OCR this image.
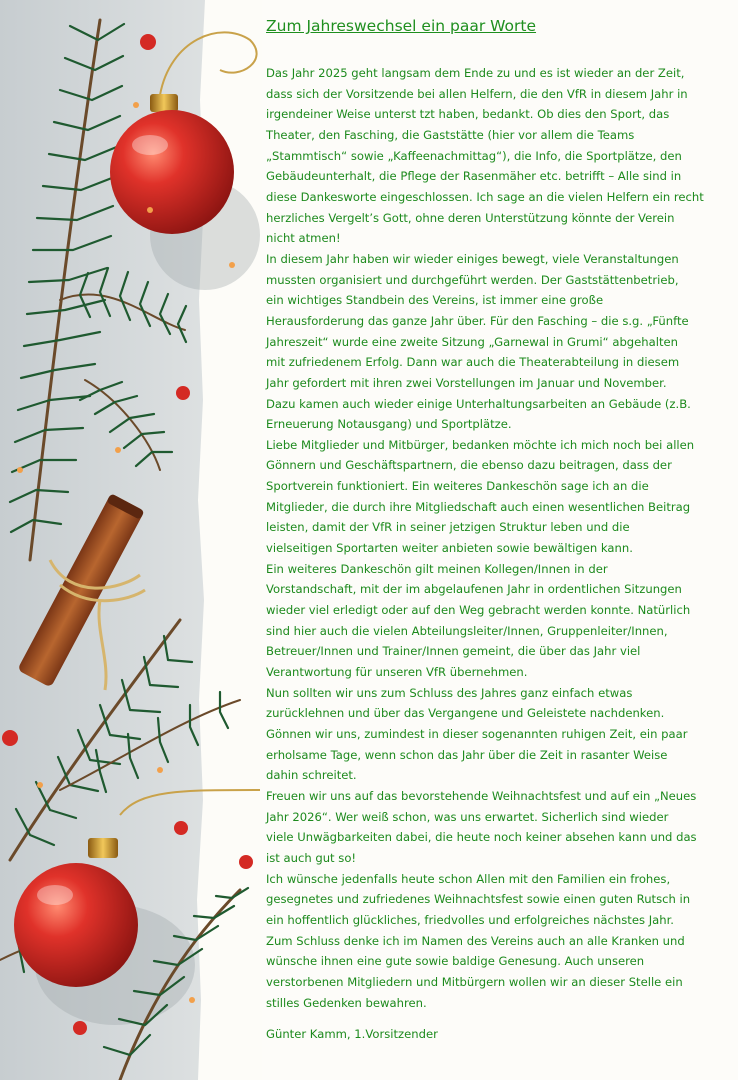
Zum Jahreswechsel ein paar Worte

Das Jahr 2025 geht langsam dem Ende zu und es ist wieder an der Zeit,

dass sich der Vorsitzende bei allen Helfern, die den VfR in diesem Jahr in

irgendeiner Weise unterst tzt haben, bedankt. Ob dies den Sport, das

Theater, den Fasching, die Gaststätte (hier vor allem die Teams

„Stammtisch“ sowie „Kaffeenachmittag“), die Info, die Sportplätze, den

Gebäudeunterhalt, die Pflege der Rasenmäher etc. betrifft – Alle sind in

diese Dankesworte eingeschlossen. Ich sage an die vielen Helfern ein recht

herzliches Vergelt’s Gott, ohne deren Unterstützung könnte der Verein

nicht atmen!

In diesem Jahr haben wir wieder einiges bewegt, viele Veranstaltungen

mussten organisiert und durchgeführt werden. Der Gaststättenbetrieb,

ein wichtiges Standbein des Vereins, ist immer eine große

Herausforderung das ganze Jahr über. Für den Fasching – die s.g. „Fünfte

Jahreszeit“ wurde eine zweite Sitzung „Garnewal in Grumi“ abgehalten

mit zufriedenem Erfolg. Dann war auch die Theaterabteilung in diesem

Jahr gefordert mit ihren zwei Vorstellungen im Januar und November.

Dazu kamen auch wieder einige Unterhaltungsarbeiten an Gebäude (z.B.

Erneuerung Notausgang) und Sportplätze.

Liebe Mitglieder und Mitbürger, bedanken möchte ich mich noch bei allen

Gönnern und Geschäftspartnern, die ebenso dazu beitragen, dass der

Sportverein funktioniert. Ein weiteres Dankeschön sage ich an die

Mitglieder, die durch ihre Mitgliedschaft auch einen wesentlichen Beitrag

leisten, damit der VfR in seiner jetzigen Struktur leben und die

vielseitigen Sportarten weiter anbieten sowie bewältigen kann.

Ein weiteres Dankeschön gilt meinen Kollegen/Innen in der

Vorstandschaft, mit der im abgelaufenen Jahr in ordentlichen Sitzungen

wieder viel erledigt oder auf den Weg gebracht werden konnte. Natürlich

sind hier auch die vielen Abteilungsleiter/Innen, Gruppenleiter/Innen,

Betreuer/Innen und Trainer/Innen gemeint, die über das Jahr viel

Verantwortung für unseren VfR übernehmen.

Nun sollten wir uns zum Schluss des Jahres ganz einfach etwas

zurücklehnen und über das Vergangene und Geleistete nachdenken.

Gönnen wir uns, zumindest in dieser sogenannten ruhigen Zeit, ein paar

erholsame Tage, wenn schon das Jahr über die Zeit in rasanter Weise

dahin schreitet.

Freuen wir uns auf das bevorstehende Weihnachtsfest und auf ein „Neues

Jahr 2026“. Wer weiß schon, was uns erwartet. Sicherlich sind wieder

viele Unwägbarkeiten dabei, die heute noch keiner absehen kann und das

ist auch gut so!

Ich wünsche jedenfalls heute schon Allen mit den Familien ein frohes,

gesegnetes und zufriedenes Weihnachtsfest sowie einen guten Rutsch in

ein hoffentlich glückliches, friedvolles und erfolgreiches nächstes Jahr.

Zum Schluss denke ich im Namen des Vereins auch an alle Kranken und

wünsche ihnen eine gute sowie baldige Genesung. Auch unseren

verstorbenen Mitgliedern und Mitbürgern wollen wir an dieser Stelle ein

stilles Gedenken bewahren.

Günter Kamm, 1.Vorsitzender
